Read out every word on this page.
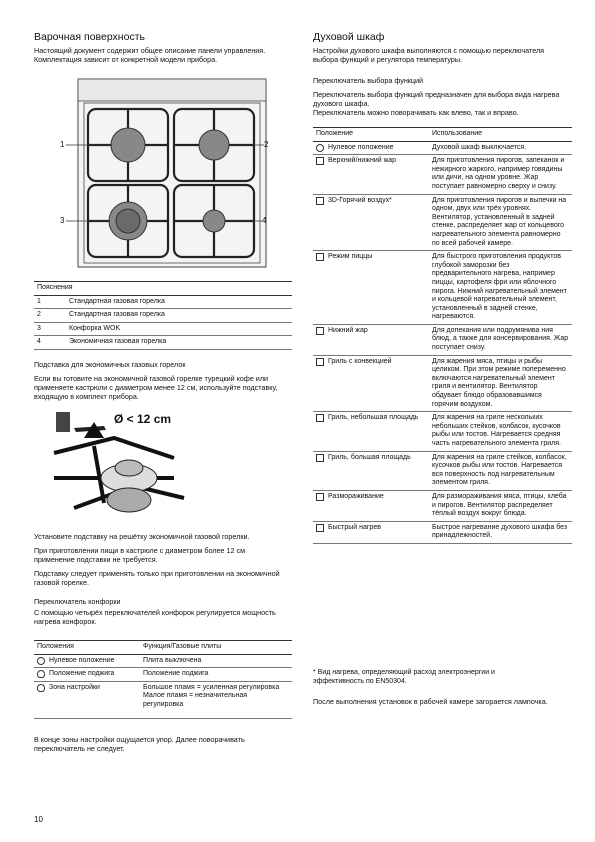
Варочная поверхность

Настоящий документ содержит общее описание панели управления. Комплектация зависит от конкретной модели прибора.

1	2
3	4
Пояснения	
1	Стандартная газовая горелка
2	Стандартная газовая горелка
3	Конфорка WOK
4	Экономичная газовая горелка

Подставка для экономичных газовых горелок

Если вы готовите на экономичной газовой горелке турецкий кофе или применяете кастрюли с диаметром менее 12 см, используйте подставку, входящую в комплект прибора.

Ø < 12 cm

Установите подставку на решётку экономичной газовой горелки.

При приготовлении пищи в кастрюле с диаметром более 12 см применение подставки не требуется.

Подставку следует применять только при приготовлении на экономичной газовой горелке.

Переключатель конфорки

С помощью четырёх переключателей конфорок регулируется мощность нагрева конфорок.

Положения	Функция/Газовые плиты
Нулевое положение	Плита выключена
Положение поджига	Положение поджига
Зона настройки	Большое пламя = усиленная регулировка
Малое пламя = незначительная регулировка

В конце зоны настройки ощущается упор. Далее поворачивать переключатель не следует.

Духовой шкаф

Настройки духового шкафа выполняются с помощью переключателя выбора функций и регулятора температуры.

Переключатель выбора функций

Переключатель выбора функций предназначен для выбора вида нагрева духового шкафа.

Переключатель можно поворачивать как влево, так и вправо.

Положение	Использование
Нулевое положение	Духовой шкаф выключается.
Верхний/нижний жар	Для приготовления пирогов, запеканок и нежирного жаркого, например говядины или дичи, на одном уровне. Жар поступает равномерно сверху и снизу.
3D-Горячий воздух*	Для приготовления пирогов и выпечки на одном, двух или трёх уровнях. Вентилятор, установленный в задней стенке, распределяет жар от кольцевого нагревательного элемента равномерно по всей рабочей камере.
Режим пиццы	Для быстрого приготовления продуктов глубокой заморозки без предварительного нагрева, например пиццы, картофеля фри или яблочного пирога. Нижний нагревательный элемент и кольцевой нагревательный элемент, установленный в задней стенке, нагреваются.
Нижний жар	Для допекания или подрумянива ния блюд, а также для консервирования. Жар поступает снизу.
Гриль с конвекцией	Для жарения мяса, птицы и рыбы целиком. При этом режиме попеременно включаются нагревательный элемент гриля и вентилятор. Вентилятор обдувает блюдо образовавшимся горячим воздухом.
Гриль, небольшая площадь	Для жарения на гриле нескольких небольших стейков, колбасок, кусочков рыбы или тостов. Нагревается средняя часть нагревательного элемента гриля.
Гриль, большая площадь	Для жарения на гриле стейков, колбасок, кусочков рыбы или тостов. Нагревается вся поверхность под нагревательным элементом гриля.
Размораживание	Для размораживания мяса, птицы, хлеба и пирогов. Вентилятор распределяет тёплый воздух вокруг блюда.
Быстрый нагрев	Быстрое нагревание духового шкафа без принадлежностей.

* Вид нагрева, определяющий расход электроэнергии и эффективность по EN50304.

После выполнения установок в рабочей камере загорается лампочка.

10
